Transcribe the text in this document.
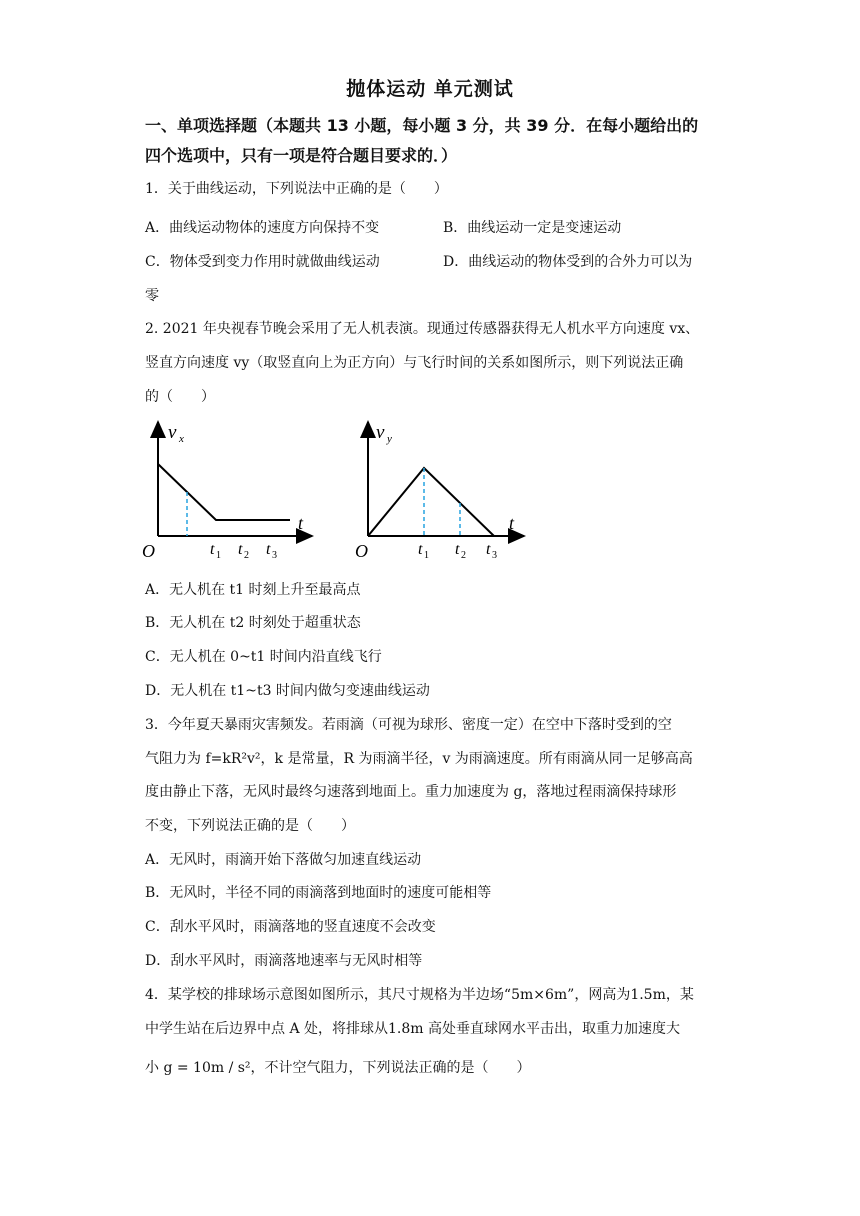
抛体运动 单元测试
一、单项选择题（本题共 13 小题，每小题 3 分，共 39 分．在每小题给出的
四个选项中，只有一项是符合题目要求的．）
1．关于曲线运动，下列说法中正确的是（　　）
A．曲线运动物体的速度方向保持不变	B．曲线运动一定是变速运动
C．物体受到变力作用时就做曲线运动	D．曲线运动的物体受到的合外力可以为
零
2. 2021 年央视春节晚会采用了无人机表演。现通过传感器获得无人机水平方向速度 vx、
竖直方向速度 vy（取竖直向上为正方向）与飞行时间的关系如图所示，则下列说法正确
的（　　）
v x
t
O	t 1 t 2 t 3
v y
t
O	t 1 t 2 t 3
A．无人机在 t1 时刻上升至最高点
B．无人机在 t2 时刻处于超重状态
C．无人机在 0~t1 时间内沿直线飞行
D．无人机在 t1~t3 时间内做匀变速曲线运动
3．今年夏天暴雨灾害频发。若雨滴（可视为球形、密度一定）在空中下落时受到的空
气阻力为 f=kR²v²，k 是常量，R 为雨滴半径，v 为雨滴速度。所有雨滴从同一足够高高
度由静止下落，无风时最终匀速落到地面上。重力加速度为 g，落地过程雨滴保持球形
不变，下列说法正确的是（　　）
A．无风时，雨滴开始下落做匀加速直线运动
B．无风时，半径不同的雨滴落到地面时的速度可能相等
C．刮水平风时，雨滴落地的竖直速度不会改变
D．刮水平风时，雨滴落地速率与无风时相等
4．某学校的排球场示意图如图所示，其尺寸规格为半边场“5m×6m”，网高为1.5m，某
中学生站在后边界中点 A 处，将排球从1.8m 高处垂直球网水平击出，取重力加速度大
小 g = 10m / s²，不计空气阻力，下列说法正确的是（　　）
